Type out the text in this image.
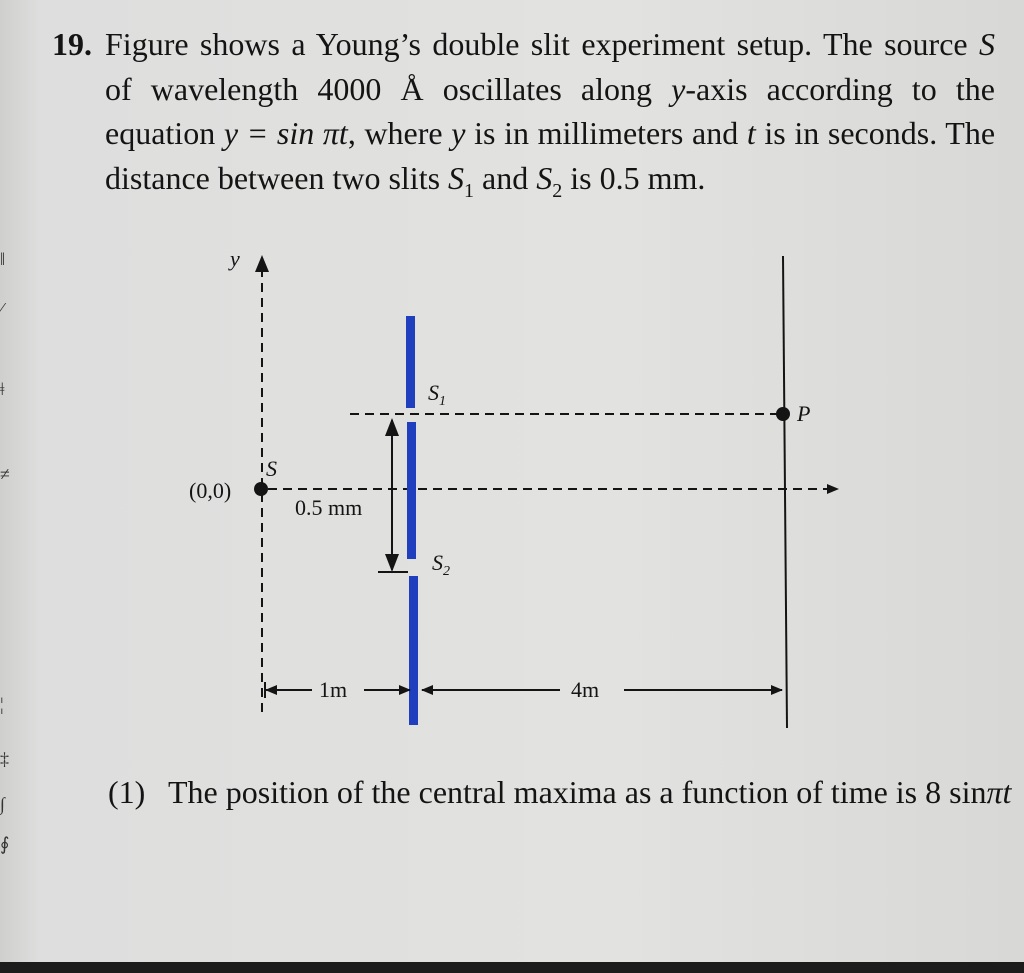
‖
⁄
ǂ
≠
¦
‡
∫
∮
19. Figure shows a Young’s double slit experiment setup. The source S of wavelength 4000 Å oscillates along y-axis according to the equation y = sin πt, where y is in millimeters and t is in seconds. The distance between two slits $S_1$ and $S_2$ is 0.5 mm.
y
(0,0)
S
$S_1$
$S_2$
P
0.5 mm
1m	4m
(1) The position of the central maxima as a function of time is 8 sinπt
